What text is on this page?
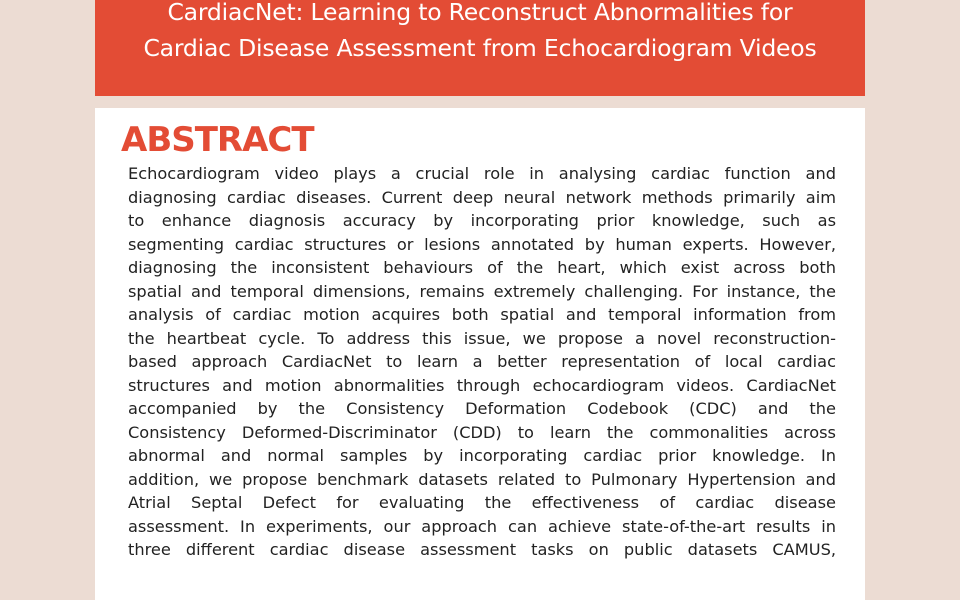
CardiacNet: Learning to Reconstruct Abnormalities for

Cardiac Disease Assessment from Echocardiogram Videos

ABSTRACT
Echocardiogram video plays a crucial role in analysing cardiac function and
diagnosing cardiac diseases. Current deep neural network methods primarily aim
to enhance diagnosis accuracy by incorporating prior knowledge, such as
segmenting cardiac structures or lesions annotated by human experts. However,
diagnosing the inconsistent behaviours of the heart, which exist across both
spatial and temporal dimensions, remains extremely challenging. For instance, the
analysis of cardiac motion acquires both spatial and temporal information from
the heartbeat cycle. To address this issue, we propose a novel reconstruction-
based approach CardiacNet to learn a better representation of local cardiac
structures and motion abnormalities through echocardiogram videos. CardiacNet
accompanied by the Consistency Deformation Codebook (CDC) and the
Consistency Deformed-Discriminator (CDD) to learn the commonalities across
abnormal and normal samples by incorporating cardiac prior knowledge. In
addition, we propose benchmark datasets related to Pulmonary Hypertension and
Atrial Septal Defect for evaluating the effectiveness of cardiac disease
assessment. In experiments, our approach can achieve state-of-the-art results in
three different cardiac disease assessment tasks on public datasets CAMUS,
